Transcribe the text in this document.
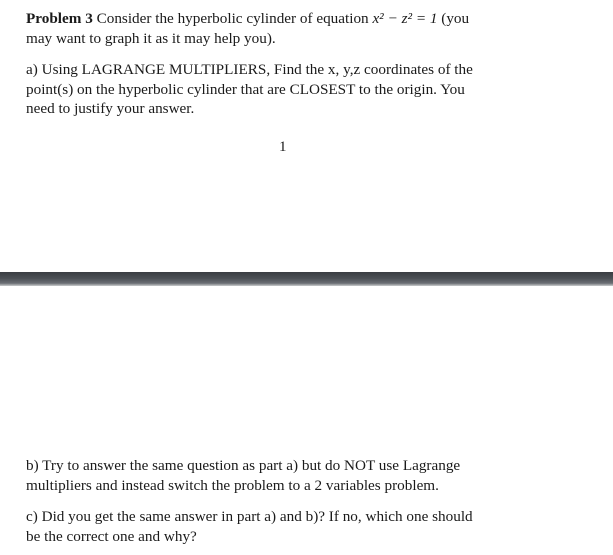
Problem 3 Consider the hyperbolic cylinder of equation x² − z² = 1 (you
may want to graph it as it may help you).

a) Using LAGRANGE MULTIPLIERS, Find the x, y,z coordinates of the
point(s) on the hyperbolic cylinder that are CLOSEST to the origin. You
need to justify your answer.

1

b) Try to answer the same question as part a) but do NOT use Lagrange
multipliers and instead switch the problem to a 2 variables problem.

c) Did you get the same answer in part a) and b)? If no, which one should
be the correct one and why?
